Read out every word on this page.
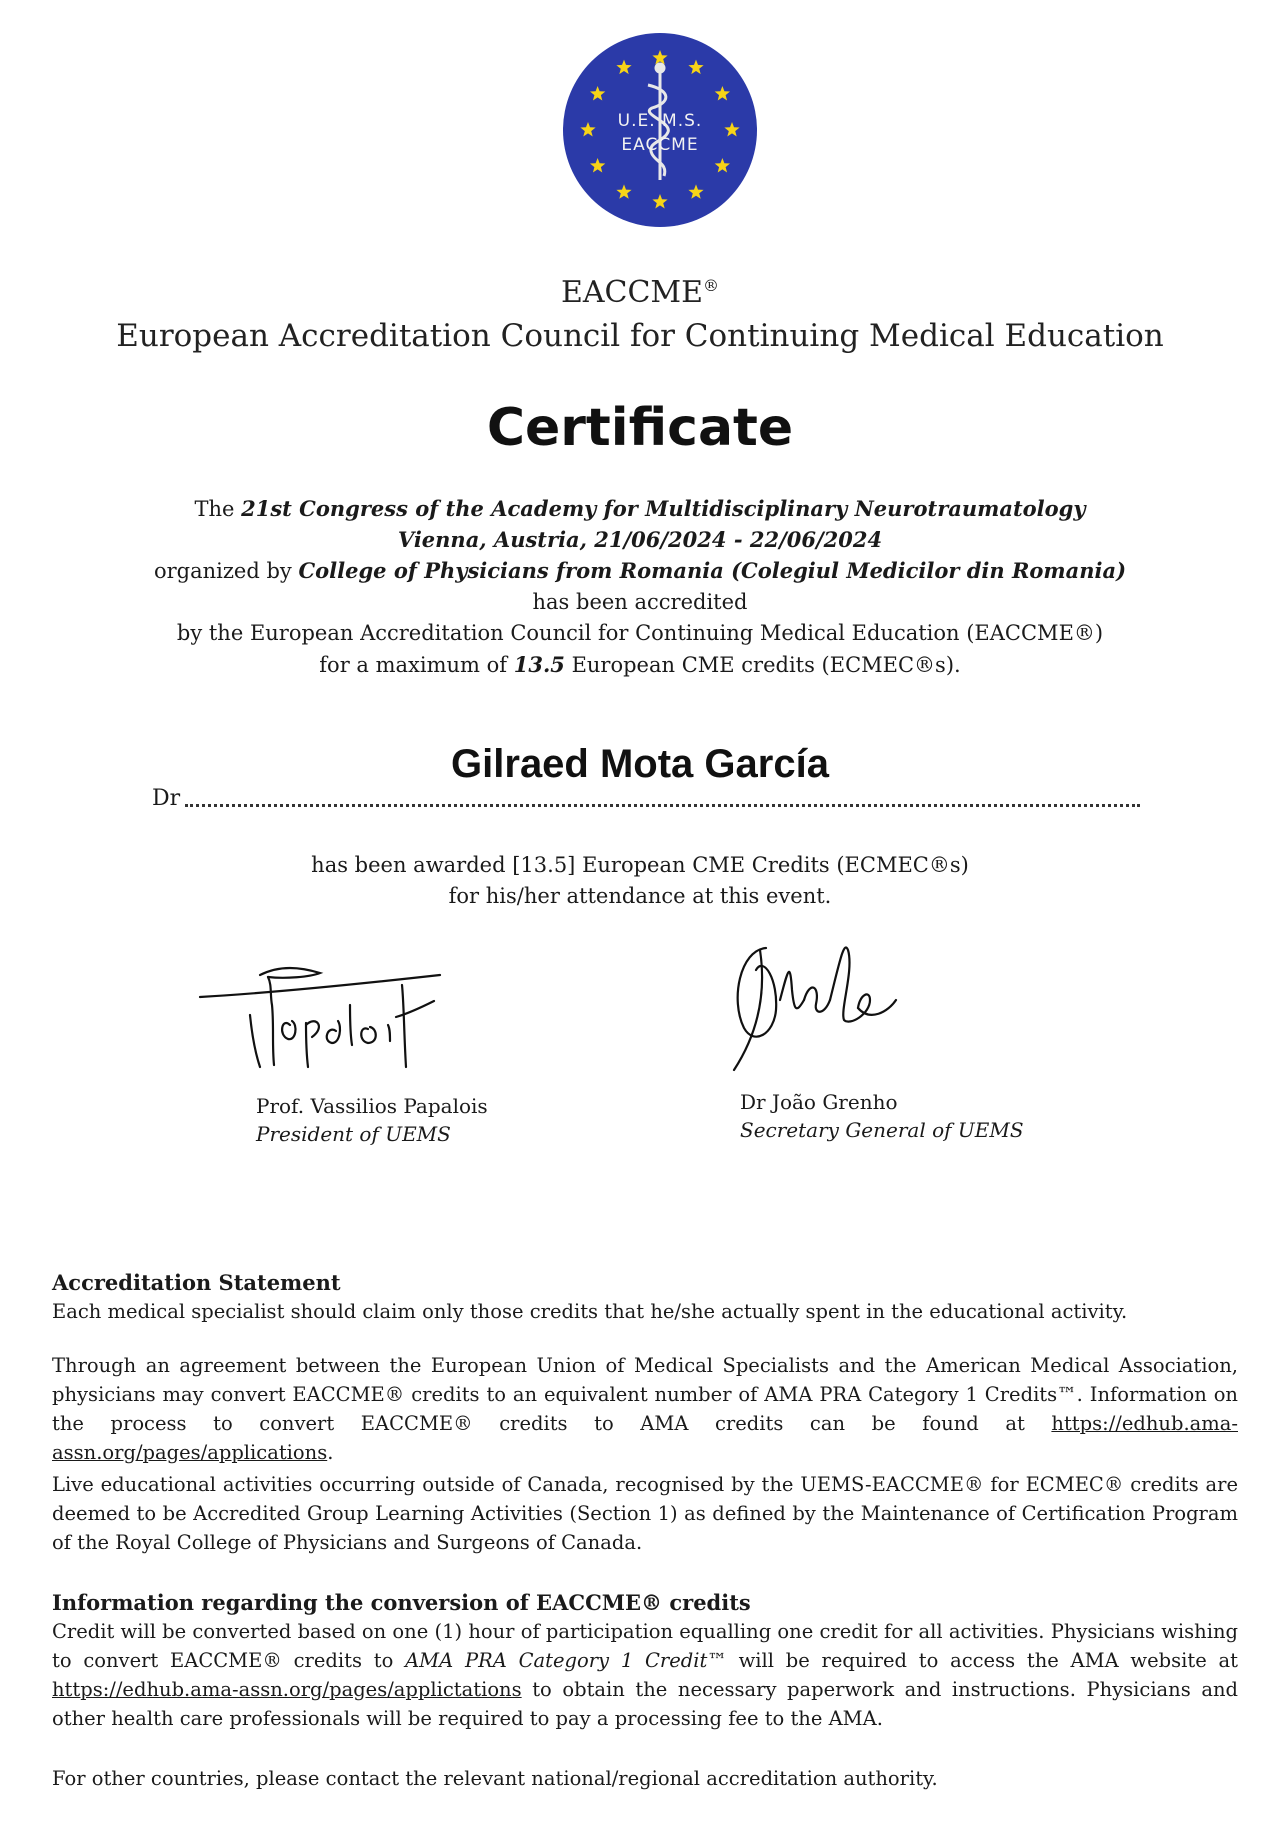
U.E. M.S.
EACCME
EACCME®
European Accreditation Council for Continuing Medical Education
Certificate
The 21st Congress of the Academy for Multidisciplinary Neurotraumatology
Vienna, Austria, 21/06/2024 - 22/06/2024
organized by College of Physicians from Romania (Colegiul Medicilor din Romania)
has been accredited
by the European Accreditation Council for Continuing Medical Education (EACCME®)
for a maximum of 13.5 European CME credits (ECMEC®s).
Gilraed Mota García
Dr
has been awarded [13.5] European CME Credits (ECMEC®s)
for his/her attendance at this event.
Prof. Vassilios Papalois
President of UEMS
Dr João Grenho
Secretary General of UEMS
Accreditation Statement
Each medical specialist should claim only those credits that he/she actually spent in the educational activity.
Through an agreement between the European Union of Medical Specialists and the American Medical Association, physicians may convert EACCME® credits to an equivalent number of AMA PRA Category 1 Credits™. Information on the process to convert EACCME® credits to AMA credits can be found at https://edhub.ama-assn.org/pages/applications.
Live educational activities occurring outside of Canada, recognised by the UEMS-EACCME® for ECMEC® credits are deemed to be Accredited Group Learning Activities (Section 1) as defined by the Maintenance of Certification Program of the Royal College of Physicians and Surgeons of Canada.
Information regarding the conversion of EACCME® credits
Credit will be converted based on one (1) hour of participation equalling one credit for all activities. Physicians wishing to convert EACCME® credits to AMA PRA Category 1 Credit™ will be required to access the AMA website at https://edhub.ama-assn.org/pages/applictations to obtain the necessary paperwork and instructions. Physicians and other health care professionals will be required to pay a processing fee to the AMA.
For other countries, please contact the relevant national/regional accreditation authority.
